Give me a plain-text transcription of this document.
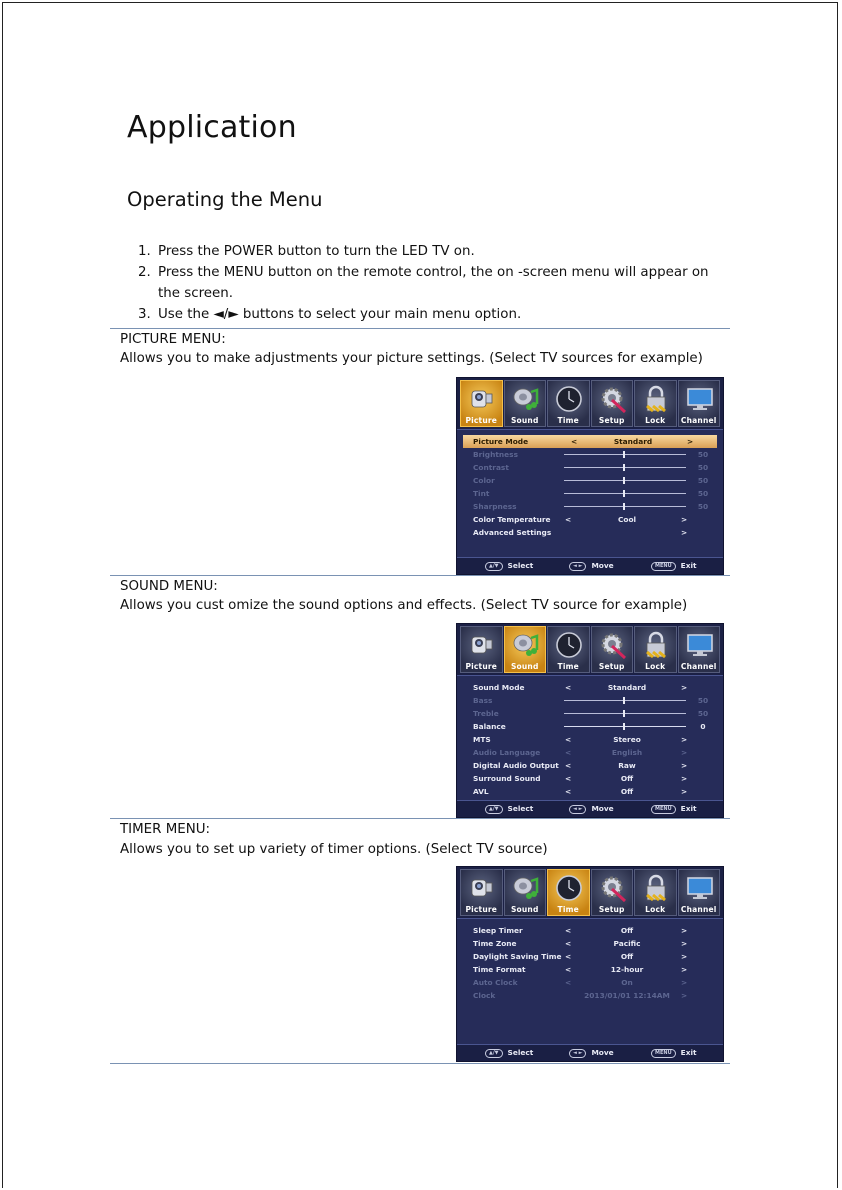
Application
Operating the Menu
1. Press the POWER button to turn the LED TV on.
2. Press the MENU button on the remote control, the on -screen menu will appear on
the screen.
3. Use the ◄/► buttons to select your main menu option.
PICTURE MENU:
Allows you to make adjustments your picture settings. (Select TV sources for example)
Picture	Sound	Time	Setup	Lock	Channel
Picture Mode	<	Standard	>
Brightness	50
Contrast	50
Color	50
Tint	50
Sharpness	50
Color Temperature <	Cool	>
Advanced Settings	>
▲/▼ Select	◄ ► Move	MENU Exit
SOUND MENU:
Allows you cust omize the sound options and effects. (Select TV source for example)
Picture	Sound	Time	Setup	Lock	Channel
Sound Mode	<	Standard	>
Bass	50
Treble	50
Balance	0
MTS	<	Stereo	>
Audio Language	<	English	>
Digital Audio Output <	Raw	>
Surround Sound	<	Off	>
AVL	<	Off	>
▲/▼ Select	◄ ► Move	MENU Exit
TIMER MENU:
Allows you to set up variety of timer options. (Select TV source)
Picture	Sound	Time	Setup	Lock	Channel
Sleep Timer	<	Off	>
Time Zone	<	Pacific	>
Daylight Saving Time <	Off	>
Time Format	<	12-hour	>
Auto Clock	<	On	>
Clock	2013/01/01 12:14AM	>
▲/▼ Select	◄ ► Move	MENU Exit
